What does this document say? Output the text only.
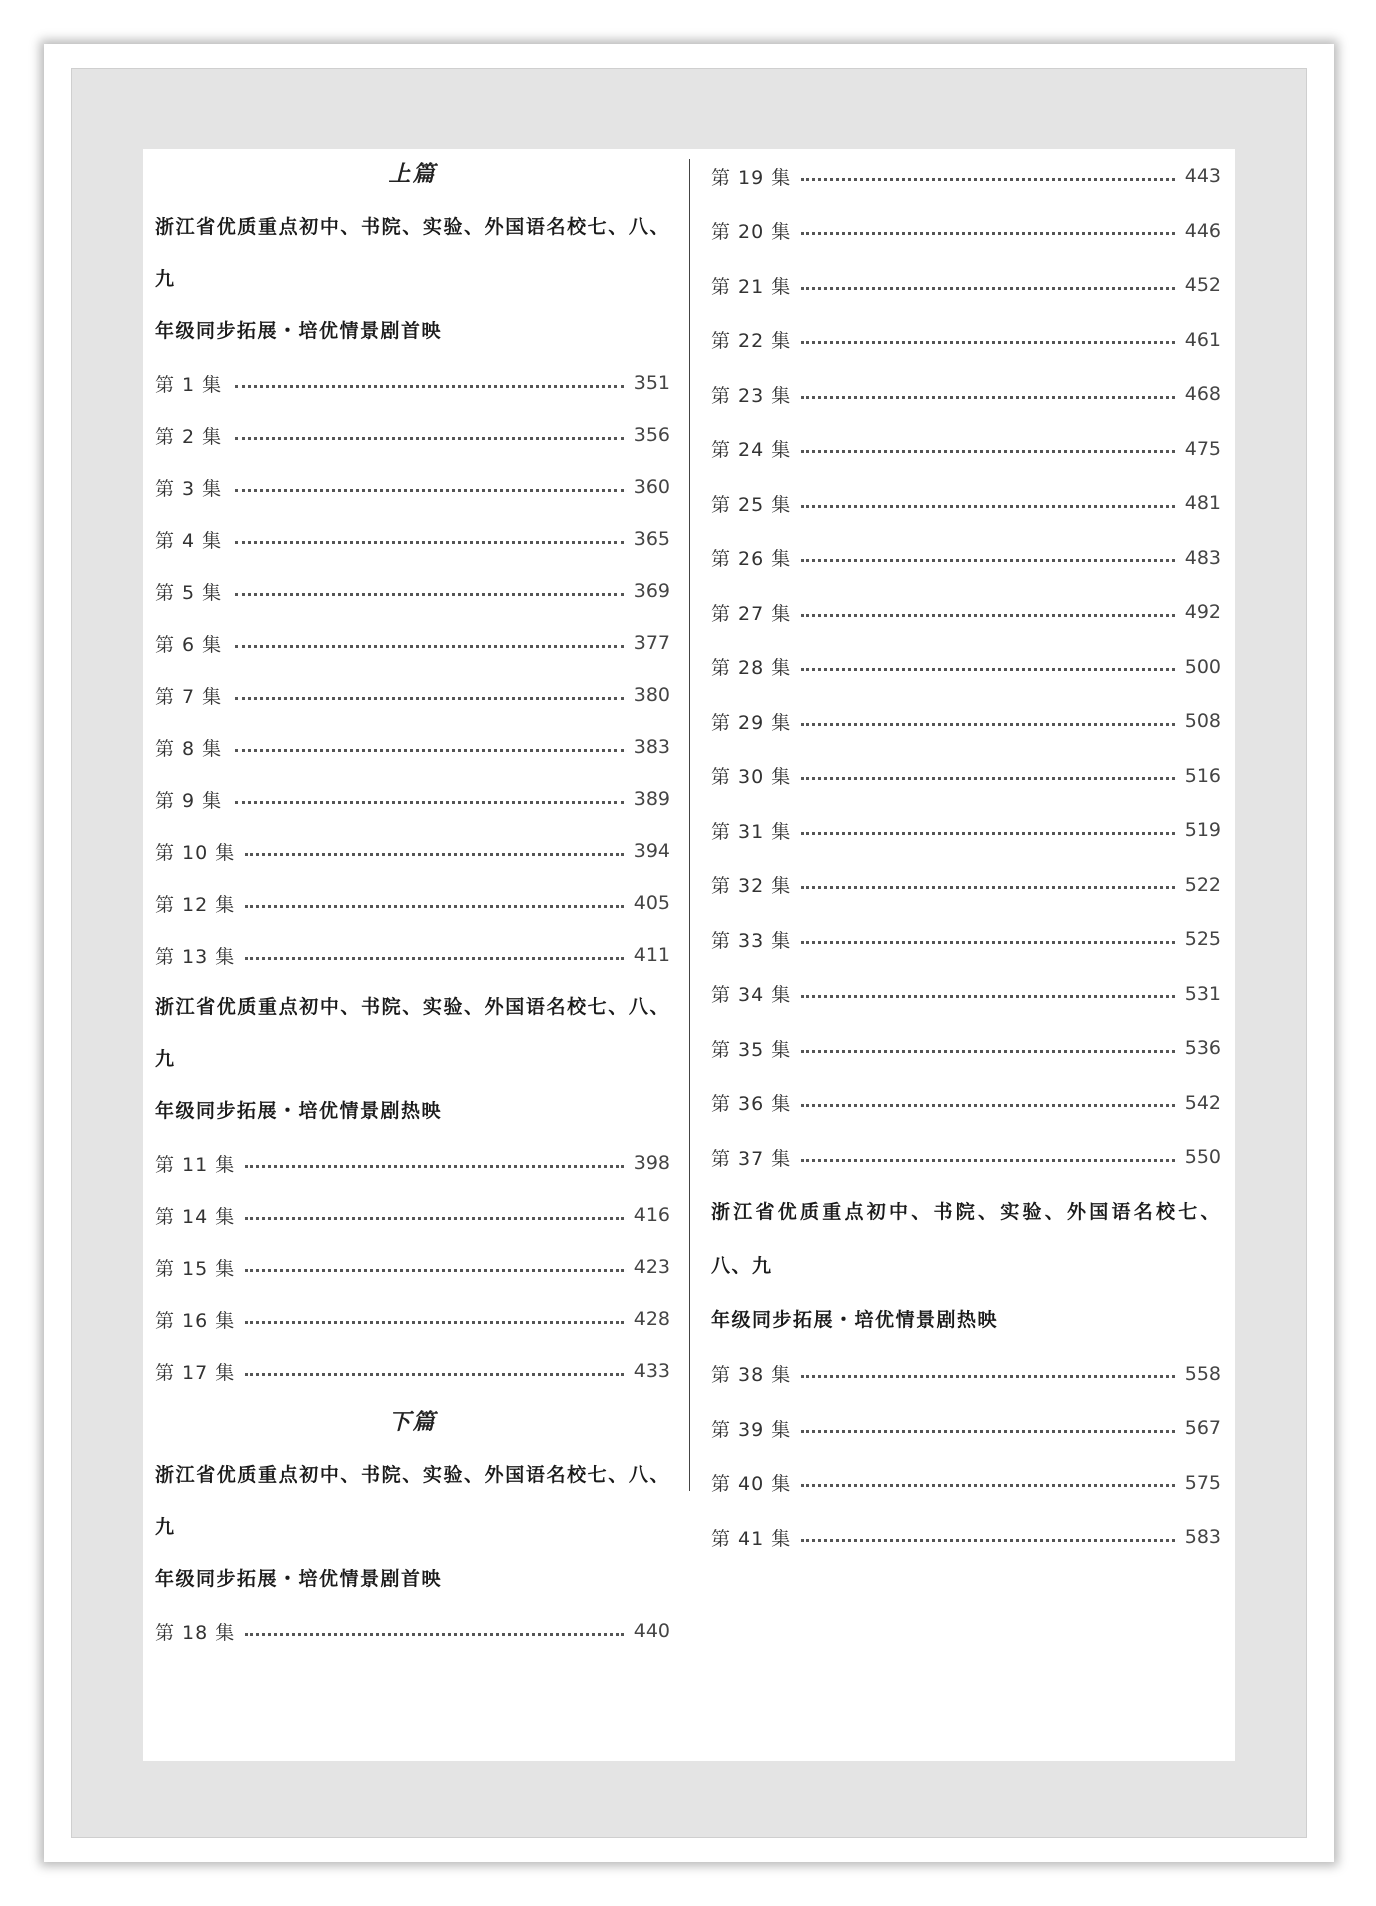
上篇
浙江省优质重点初中、书院、实验、外国语名校七、八、九
年级同步拓展・培优情景剧首映
第 1 集	351
第 2 集	356
第 3 集	360
第 4 集	365
第 5 集	369
第 6 集	377
第 7 集	380
第 8 集	383
第 9 集	389
第 10 集	394
第 12 集	405
第 13 集	411
浙江省优质重点初中、书院、实验、外国语名校七、八、九
年级同步拓展・培优情景剧热映
第 11 集	398
第 14 集	416
第 15 集	423
第 16 集	428
第 17 集	433
下篇
浙江省优质重点初中、书院、实验、外国语名校七、八、九
年级同步拓展・培优情景剧首映
第 18 集	440
第 19 集	443
第 20 集	446
第 21 集	452
第 22 集	461
第 23 集	468
第 24 集	475
第 25 集	481
第 26 集	483
第 27 集	492
第 28 集	500
第 29 集	508
第 30 集	516
第 31 集	519
第 32 集	522
第 33 集	525
第 34 集	531
第 35 集	536
第 36 集	542
第 37 集	550
浙江省优质重点初中、书院、实验、外国语名校七、八、九
年级同步拓展・培优情景剧热映
第 38 集	558
第 39 集	567
第 40 集	575
第 41 集	583
